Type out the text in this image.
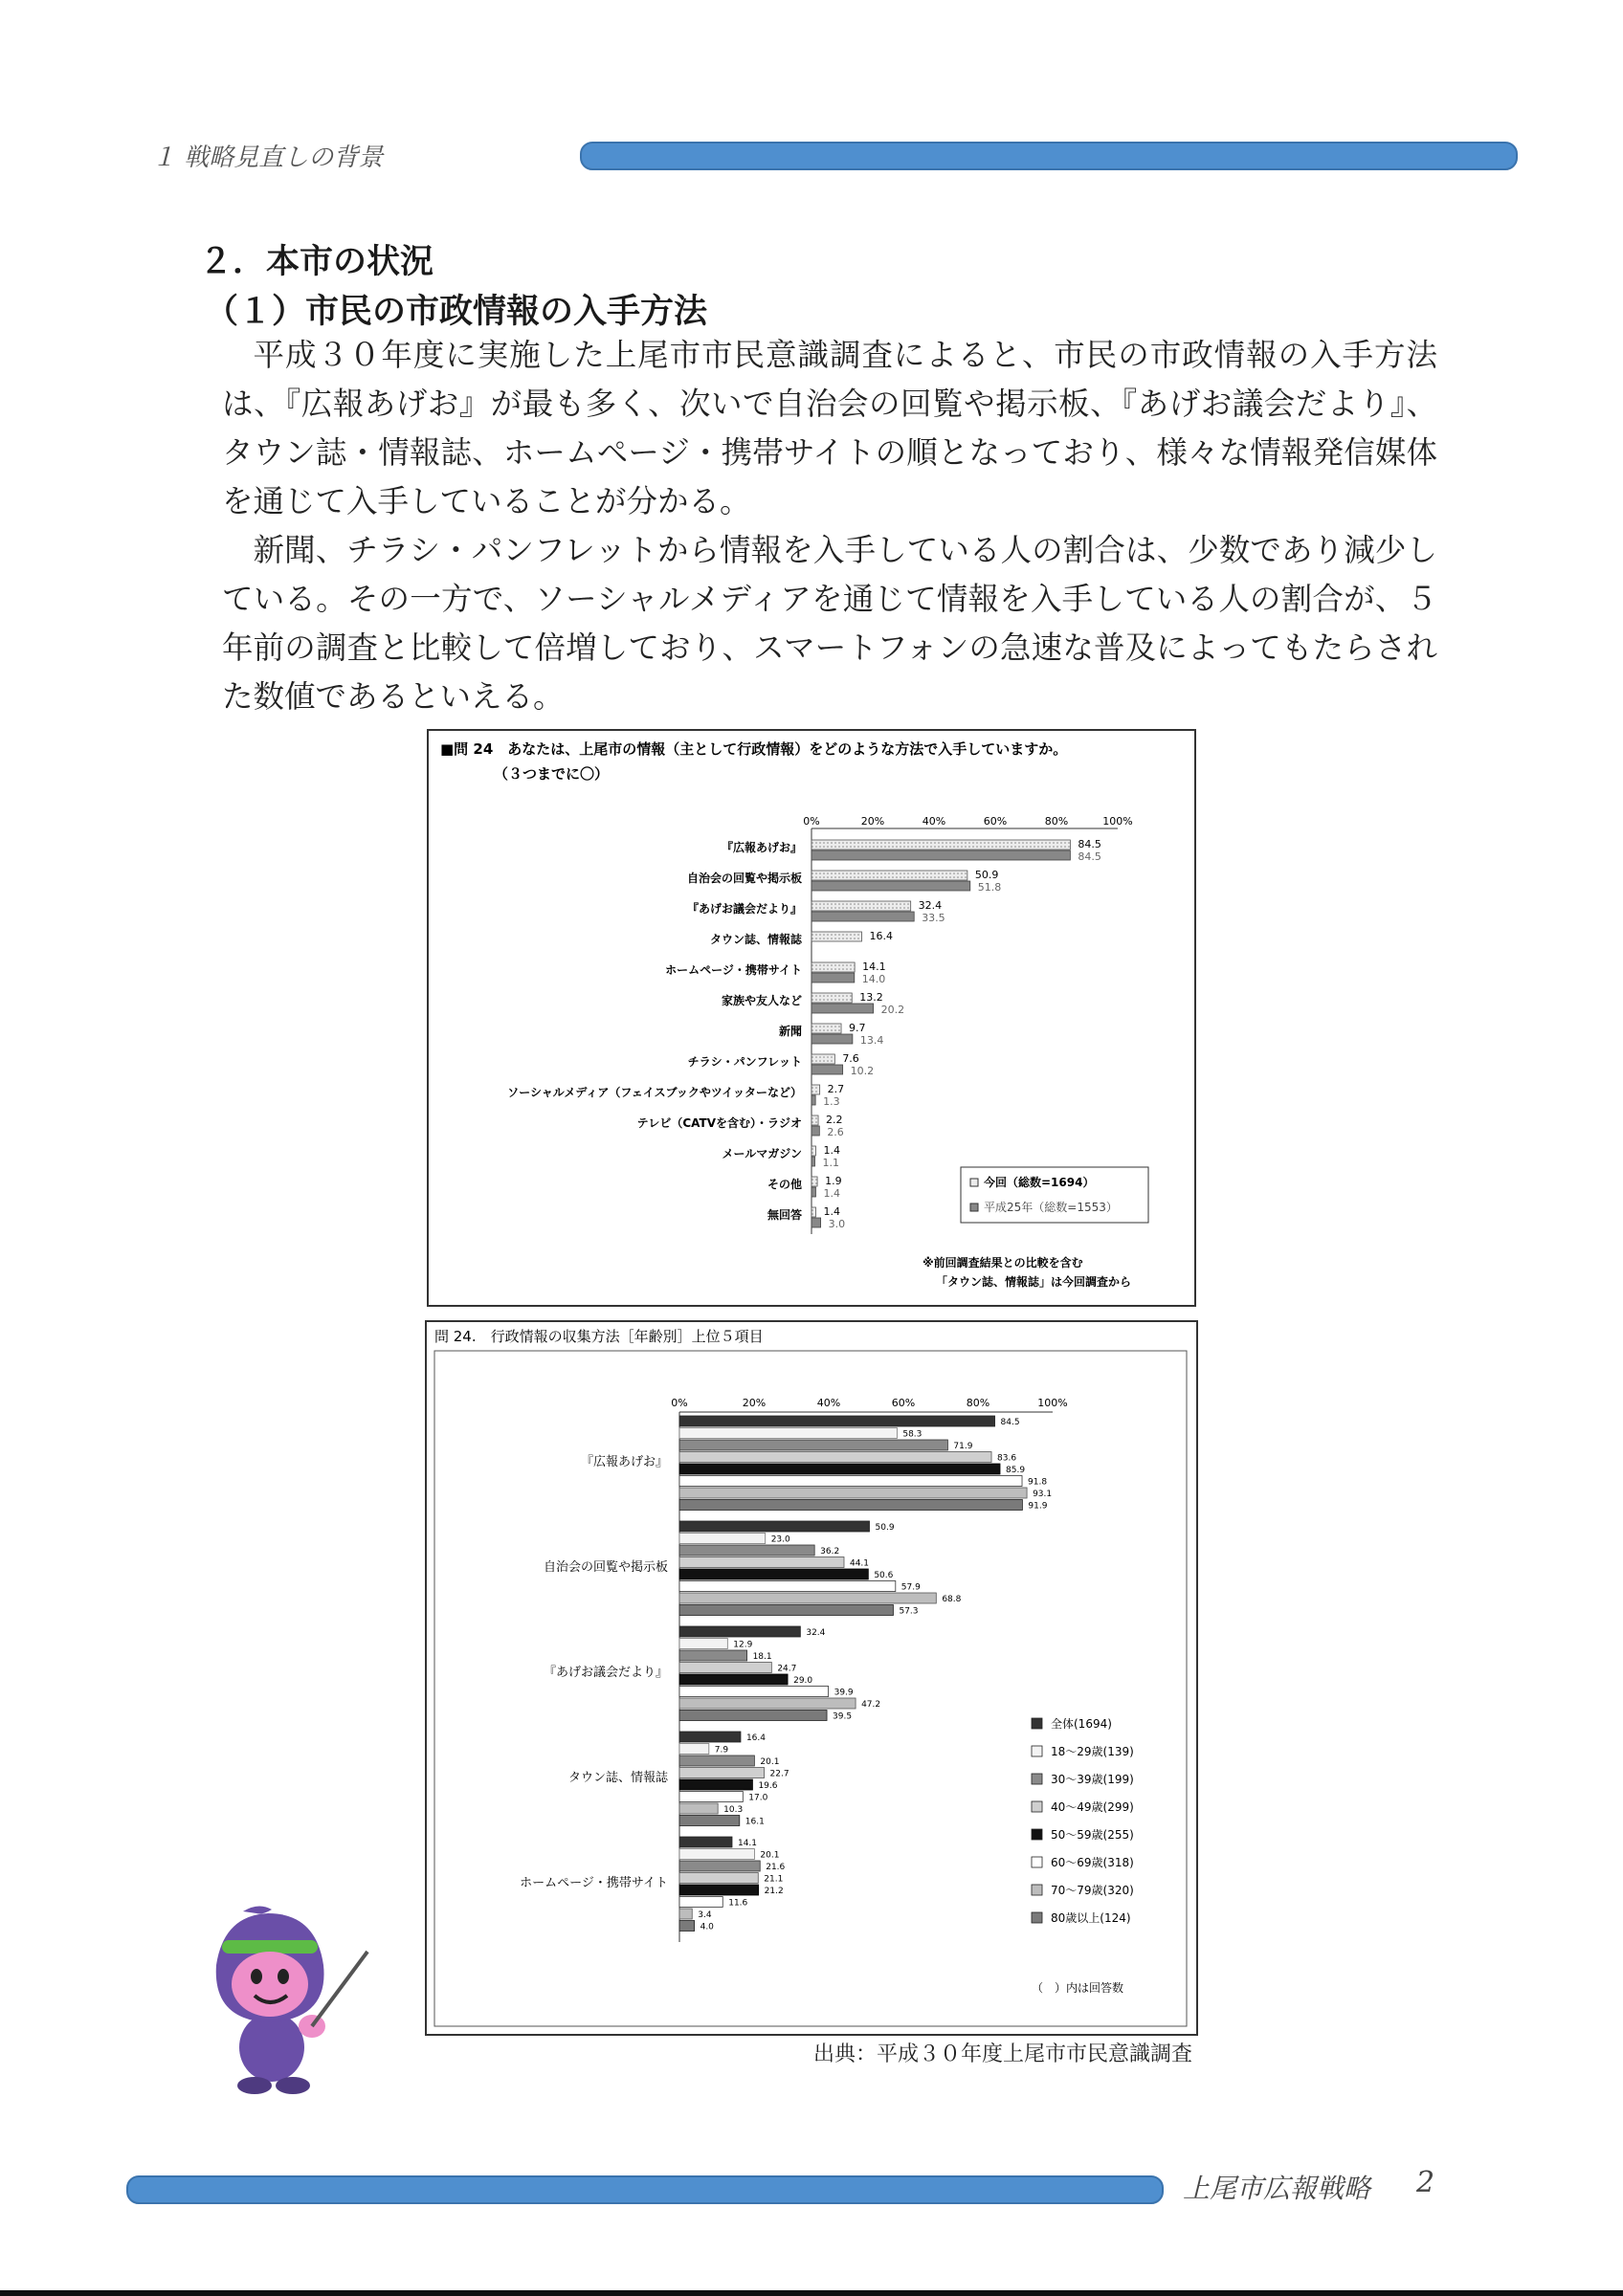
１ 戦略見直しの背景
２．本市の状況
（１）市民の市政情報の入手方法

平成３０年度に実施した上尾市市民意識調査によると、市民の市政情報の入手方法は、『広報あげお』が最も多く、次いで自治会の回覧や掲示板、『あげお議会だより』、タウン誌・情報誌、ホームページ・携帯サイトの順となっており、様々な情報発信媒体を通じて入手していることが分かる。

新聞、チラシ・パンフレットから情報を入手している人の割合は、少数であり減少している。その一方で、ソーシャルメディアを通じて情報を入手している人の割合が、５年前の調査と比較して倍増しており、スマートフォンの急速な普及によってもたらされた数値であるといえる。

■問 24　あなたは、上尾市の情報（主として行政情報）をどのような方法で入手していますか。
（３つまでに〇）
0%	20%	40%	60%	80%	100%
『広報あげお』	84.5
84.5
自治会の回覧や掲示板	50.9
51.8
『あげお議会だより』	32.4
33.5
タウン誌、情報誌	16.4
ホームページ・携帯サイト	14.1
14.0
家族や友人など	13.2
20.2
新聞	9.7
13.4
チラシ・パンフレット	7.6
10.2
ソーシャルメディア（フェイスブックやツイッターなど） 2.7
1.3
テレビ（CATVを含む）・ラジオ 2.2
2.6
メールマガジン 1.4
1.1
その他 1.9
1.4
無回答 1.4
3.0
今回（総数=1694）
平成25年（総数=1553）
※前回調査結果との比較を含む
「タウン誌、情報誌」は今回調査から
問 24.　行政情報の収集方法［年齢別］上位５項目
0%	20%	40%	60%	80%	100%
『広報あげお』
84.5
58.3
71.9
83.6
85.9
91.8
93.1
91.9
自治会の回覧や掲示板
50.9
23.0
36.2
44.1
50.6
57.9
68.8
57.3
『あげお議会だより』
32.4
12.9
18.1
24.7
29.0
39.9
47.2
39.5
タウン誌、情報誌
16.4
7.9
20.1
22.7
19.6
17.0
10.3
16.1
ホームページ・携帯サイト
14.1
20.1
21.6
21.1
21.2
11.6
3.4
4.0
全体(1694)
18～29歳(139)
30～39歳(199)
40～49歳(299)
50～59歳(255)
60～69歳(318)
70～79歳(320)
80歳以上(124)
（　）内は回答数
出典：平成３０年度上尾市市民意識調査
上尾市広報戦略 2
